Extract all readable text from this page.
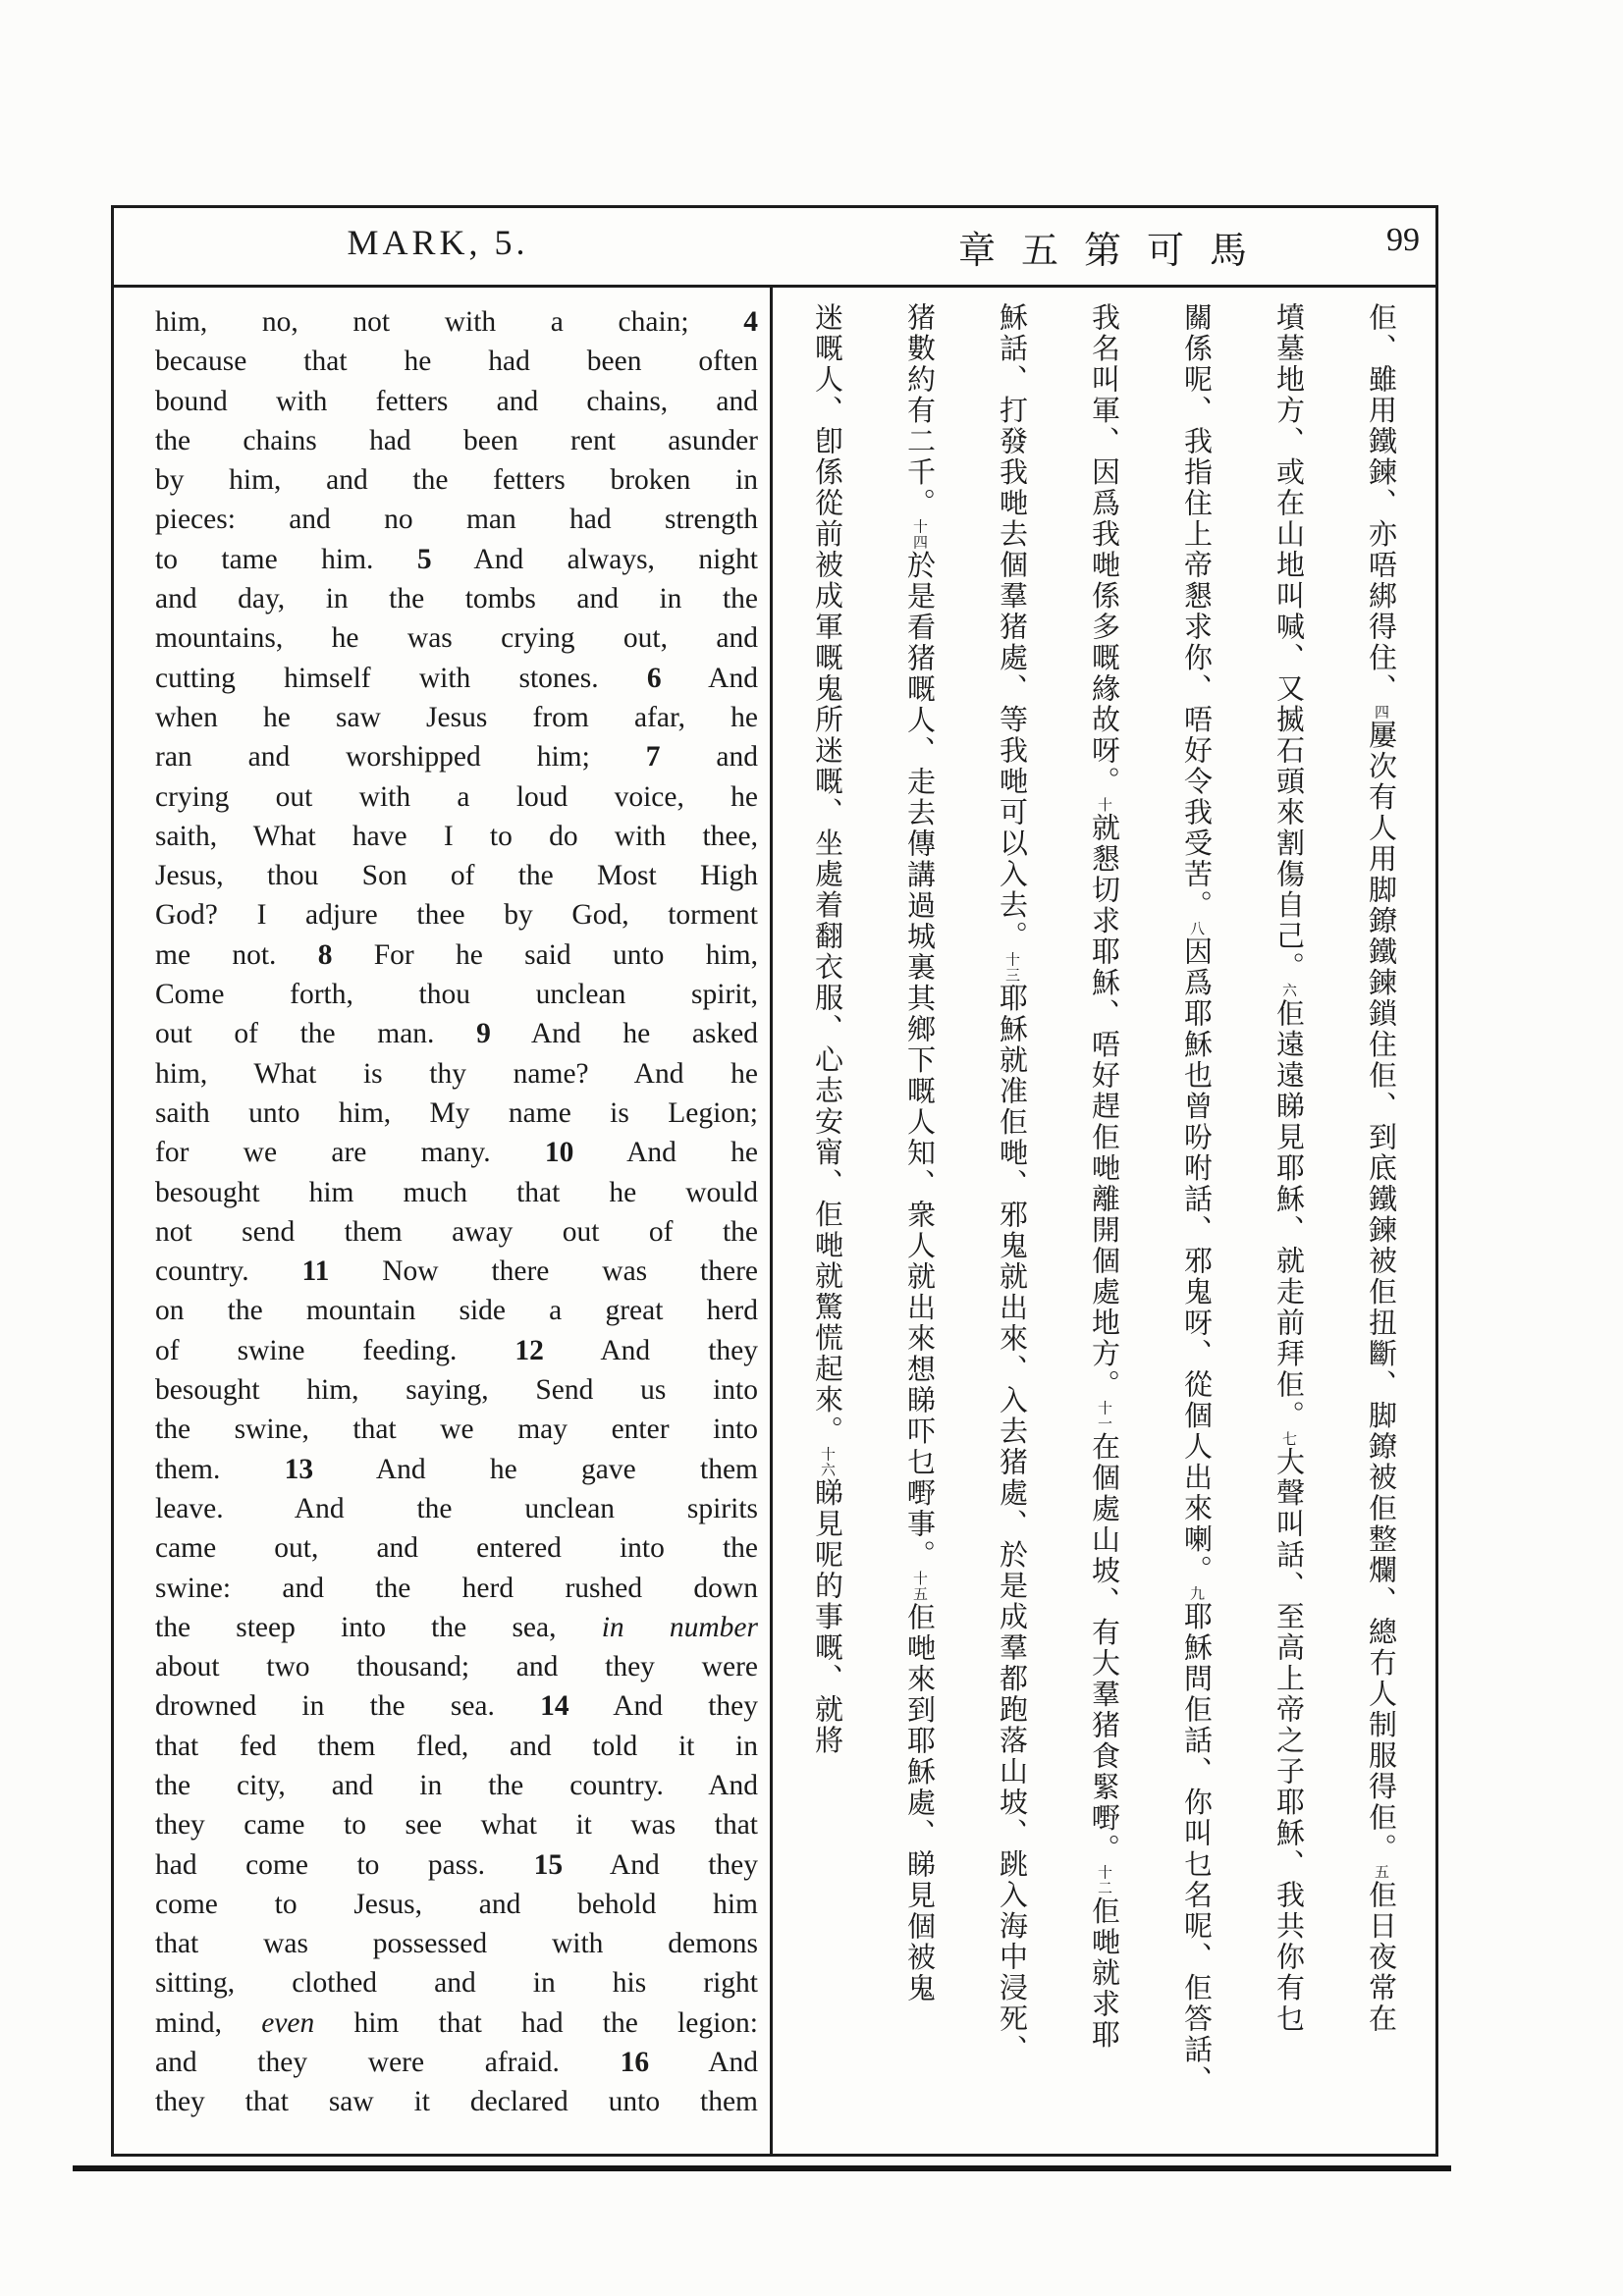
MARK, 5.	章五第可馬	99
him, no, not with a chain; 4
because that he had been often
bound with fetters and chains, and
the chains had been rent asunder
by him, and the fetters broken in
pieces: and no man had strength
to tame him. 5 And always, night
and day, in the tombs and in the
mountains, he was crying out, and
cutting himself with stones. 6 And
when he saw Jesus from afar, he
ran and worshipped him; 7 and
crying out with a loud voice, he
saith, What have I to do with thee,
Jesus, thou Son of the Most High
God? I adjure thee by God, torment
me not. 8 For he said unto him,
Come forth, thou unclean spirit,
out of the man. 9 And he asked
him, What is thy name? And he
saith unto him, My name is Legion;
for we are many. 10 And he
besought him much that he would
not send them away out of the
country. 11 Now there was there
on the mountain side a great herd
of swine feeding. 12 And they
besought him, saying, Send us into
the swine, that we may enter into
them. 13 And he gave them
leave. And the unclean spirits
came out, and entered into the
swine: and the herd rushed down
the steep into the sea, in number
about two thousand; and they were
drowned in the sea. 14 And they
that fed them fled, and told it in
the city, and in the country. And
they came to see what it was that
had come to pass. 15 And they
come to Jesus, and behold him
that was possessed with demons
sitting, clothed and in his right
mind, even him that had the legion:
and they were afraid. 16 And
they that saw it declared unto them
佢、雖用鐵鍊、亦唔綁得住、四屢次有人用脚鐐鐵鍊鎖住佢、到底鐵鍊被佢扭斷、脚鐐被佢整爛、總冇人制服得佢。五佢日夜常在
墳墓地方、或在山地叫喊、又揻石頭來割傷自己。六佢遠遠睇見耶穌、就走前拜佢。七大聲叫話、至高上帝之子耶穌、我共你有乜
關係呢、我指住上帝懇求你、唔好令我受苦。八因爲耶穌也曾吩咐話、邪鬼呀、從個人出來喇。九耶穌問佢話、你叫乜名呢、佢答話、
我名叫軍、因爲我哋係多嘅緣故呀。十就懇切求耶穌、唔好趕佢哋離開個處地方。十一在個處山坡、有大羣猪食緊嘢。十二佢哋就求耶
穌話、打發我哋去個羣猪處、等我哋可以入去。十三耶穌就准佢哋、邪鬼就出來、入去猪處、於是成羣都跑落山坡、跳入海中浸死、
猪數約有二千。十四於是看猪嘅人、走去傳講過城裏其鄉下嘅人知、衆人就出來想睇吓乜嘢事。十五佢哋來到耶穌處、睇見個被鬼
迷嘅人、卽係從前被成軍嘅鬼所迷嘅、坐處着翻衣服、心志安甯、佢哋就驚慌起來。十六睇見呢的事嘅、就將
